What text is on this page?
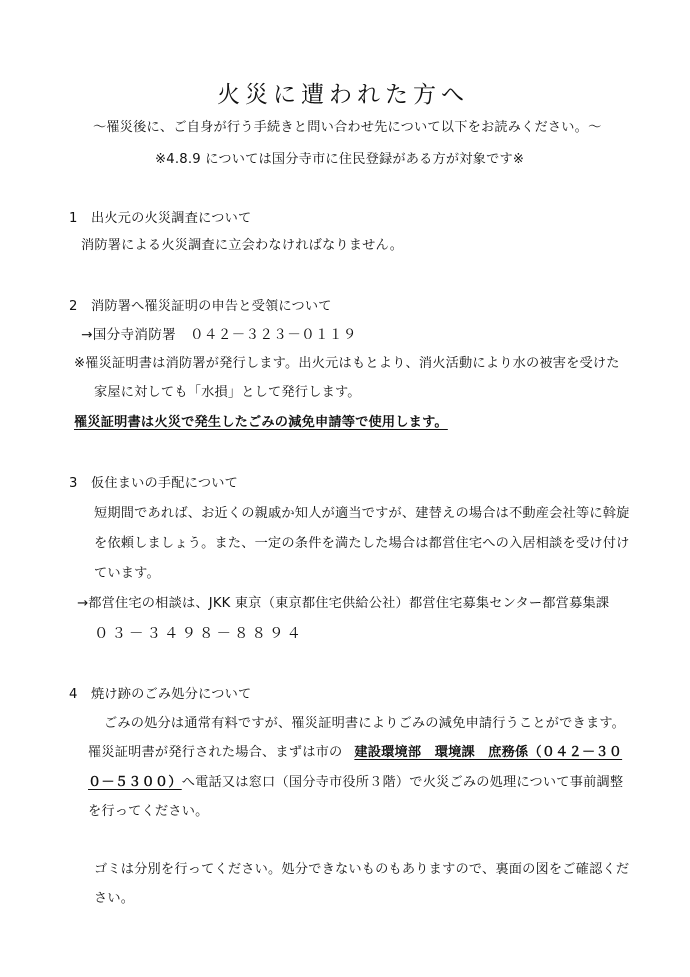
火災に遭われた方へ
～罹災後に、ご自身が行う手続きと問い合わせ先について以下をお読みください。～
※4.8.9 については国分寺市に住民登録がある方が対象です※
1　出火元の火災調査について
消防署による火災調査に立会わなければなりません。
2　消防署へ罹災証明の申告と受領について
→国分寺消防署　０４２－３２３－０１１９
※罹災証明書は消防署が発行します。出火元はもとより、消火活動により水の被害を受けた
家屋に対しても「水損」として発行します。
罹災証明書は火災で発生したごみの減免申請等で使用します。
3　仮住まいの手配について
短期間であれば、お近くの親戚か知人が適当ですが、建替えの場合は不動産会社等に斡旋
を依頼しましょう。また、一定の条件を満たした場合は都営住宅への入居相談を受け付け
ています。
→都営住宅の相談は、JKK 東京（東京都住宅供給公社）都営住宅募集センター都営募集課
０３－３４９８－８８９４
4　焼け跡のごみ処分について
ごみの処分は通常有料ですが、罹災証明書によりごみの減免申請行うことができます。
罹災証明書が発行された場合、まずは市の 建設環境部　環境課　庶務係（０４２－３０
０－５３００）へ電話又は窓口（国分寺市役所３階）で火災ごみの処理について事前調整
を行ってください。
ゴミは分別を行ってください。処分できないものもありますので、裏面の図をご確認くだ
さい。
